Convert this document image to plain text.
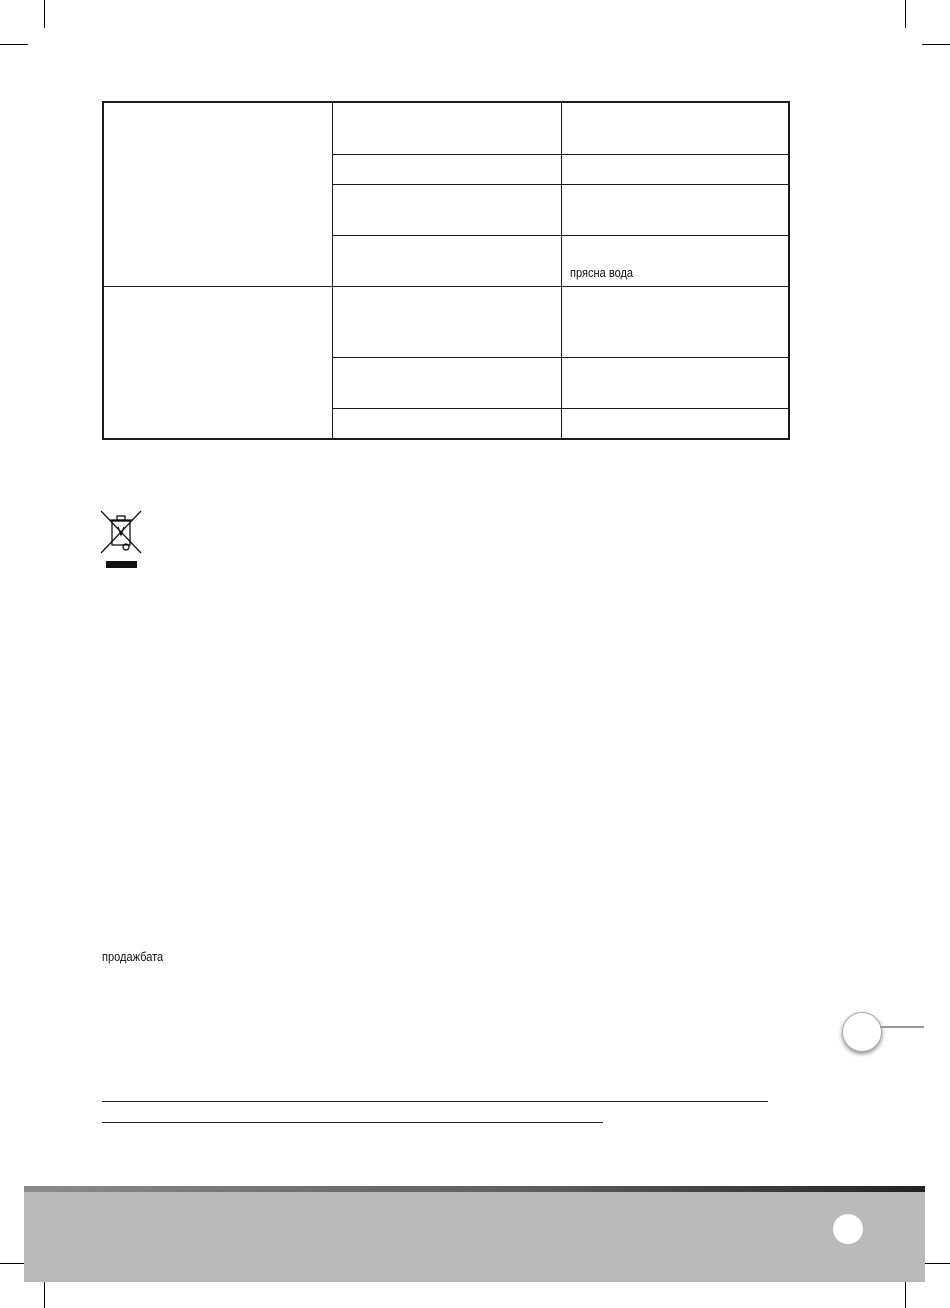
		прясна вода

продажбата
